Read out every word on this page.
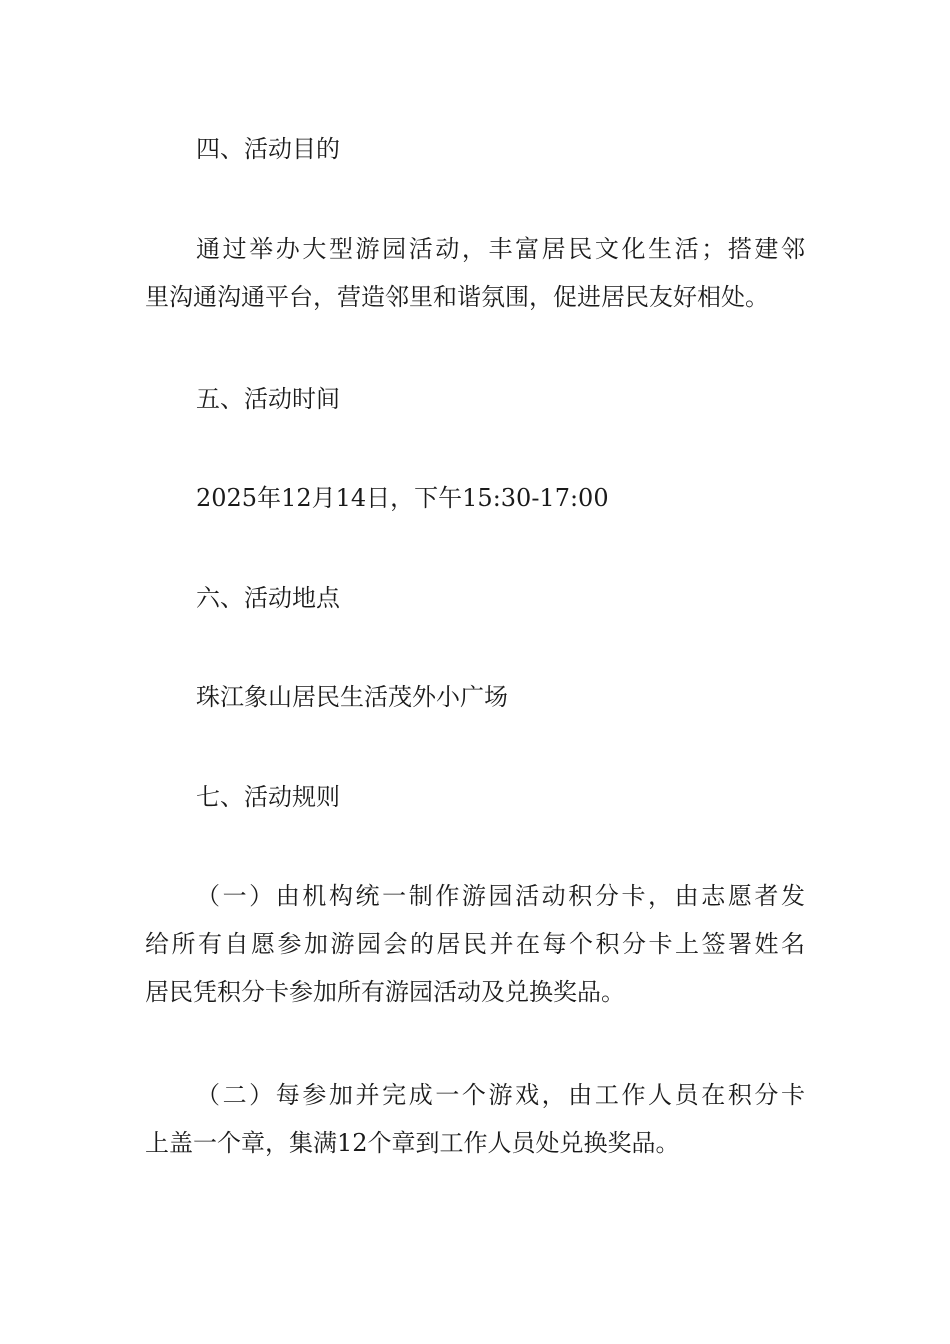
四、活动目的

通过举办大型游园活动，丰富居民文化生活；搭建邻
里沟通沟通平台，营造邻里和谐氛围，促进居民友好相处。

五、活动时间

2025年12月14日，下午15:30-17:00

六、活动地点

珠江象山居民生活茂外小广场

七、活动规则

（一）由机构统一制作游园活动积分卡，由志愿者发
给所有自愿参加游园会的居民并在每个积分卡上签署姓名
居民凭积分卡参加所有游园活动及兑换奖品。

（二）每参加并完成一个游戏，由工作人员在积分卡
上盖一个章，集满12个章到工作人员处兑换奖品。
